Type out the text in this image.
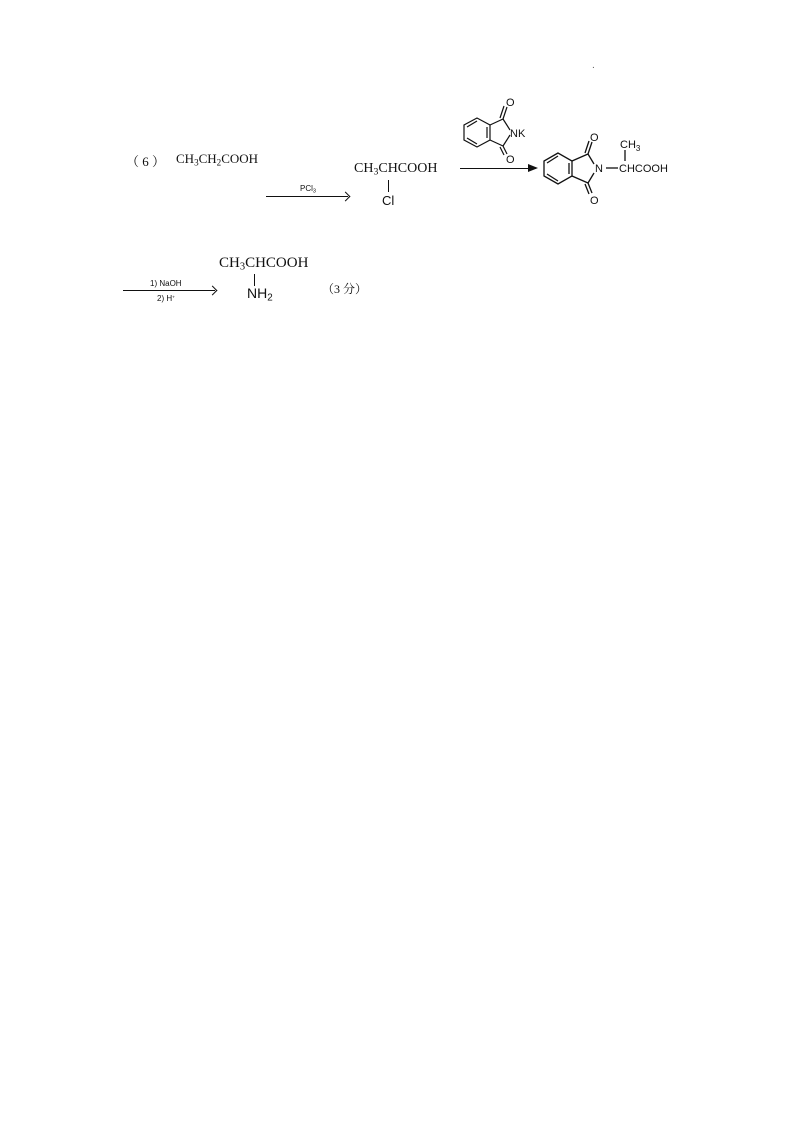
.
（ 6 ） $CH_3CH_2COOH$
PCl$_3$
$CH_3CHCOOH$
Cl
O
O
NK	O
O
N
$CH_3$
CHCOOH
1) NaOH
2) H+
$CH_3CHCOOH$
$NH_2$
（3 分）
